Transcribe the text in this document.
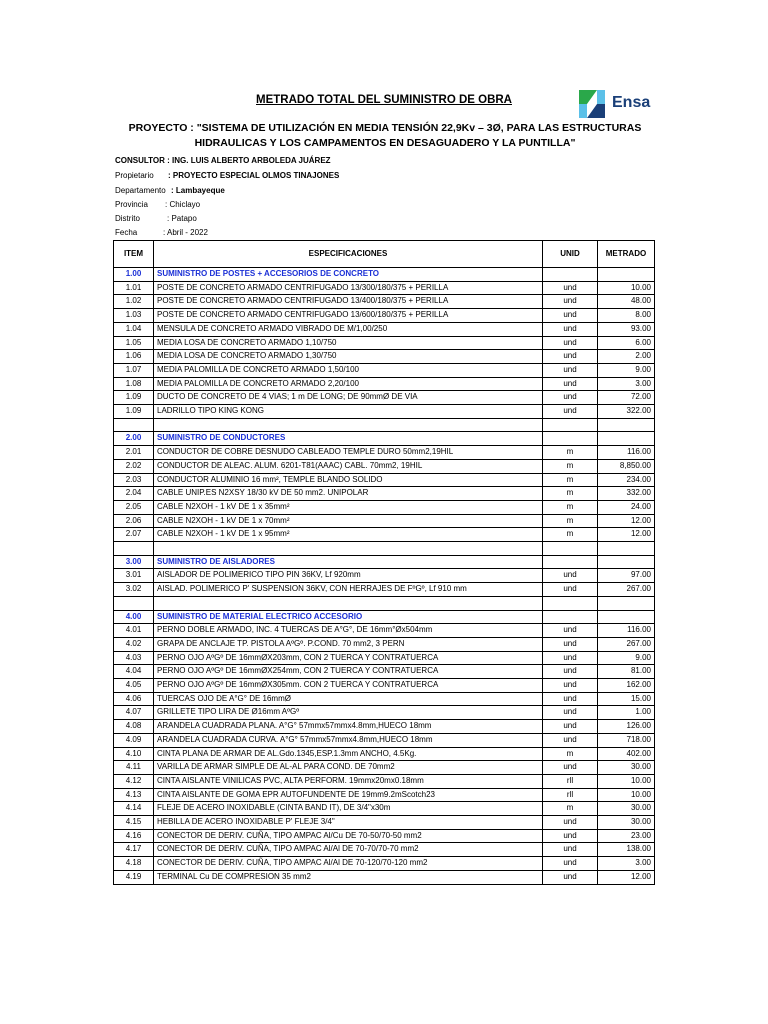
METRADO TOTAL DEL SUMINISTRO DE OBRA	Ensa
PROYECTO : "SISTEMA DE UTILIZACIÓN EN MEDIA TENSIÓN 22,9Kv – 3Ø, PARA LAS ESTRUCTURAS HIDRAULICAS Y LOS CAMPAMENTOS EN DESAGUADERO Y LA PUNTILLA"
CONSULTOR : ING. LUIS ALBERTO ARBOLEDA JUÁREZ
Propietario : PROYECTO ESPECIAL OLMOS TINAJONES
Departamento : Lambayeque
Provincia : Chiclayo
Distrito	: Patapo
Fecha	: Abril - 2022
ITEM	ESPECIFICACIONES	UNID	METRADO
1.00	SUMINISTRO DE POSTES + ACCESORIOS DE CONCRETO		
1.01	POSTE DE CONCRETO ARMADO CENTRIFUGADO 13/300/180/375 + PERILLA	und	10.00
1.02	POSTE DE CONCRETO ARMADO CENTRIFUGADO 13/400/180/375 + PERILLA	und	48.00
1.03	POSTE DE CONCRETO ARMADO CENTRIFUGADO 13/600/180/375 + PERILLA	und	8.00
1.04	MENSULA DE CONCRETO ARMADO VIBRADO DE M/1,00/250	und	93.00
1.05	MEDIA LOSA DE CONCRETO ARMADO 1,10/750	und	6.00
1.06	MEDIA LOSA DE CONCRETO ARMADO 1,30/750	und	2.00
1.07	MEDIA PALOMILLA DE CONCRETO ARMADO 1,50/100	und	9.00
1.08	MEDIA PALOMILLA DE CONCRETO ARMADO 2,20/100	und	3.00
1.09	DUCTO DE CONCRETO DE 4 VIAS; 1 m DE LONG; DE 90mmØ DE VIA	und	72.00
1.09	LADRILLO TIPO KING KONG	und	322.00

2.00	SUMINISTRO DE CONDUCTORES		
2.01	CONDUCTOR DE COBRE DESNUDO CABLEADO TEMPLE DURO 50mm2,19HIL	m	116.00
2.02	CONDUCTOR DE ALEAC. ALUM. 6201-T81(AAAC) CABL. 70mm2, 19HIL	m	8,850.00
2.03	CONDUCTOR ALUMINIO 16 mm², TEMPLE BLANDO SOLIDO	m	234.00
2.04	CABLE UNIP.ES N2XSY 18/30 kV DE 50 mm2. UNIPOLAR	m	332.00
2.05	CABLE N2XOH - 1 kV DE 1 x 35mm²	m	24.00
2.06	CABLE N2XOH - 1 kV DE 1 x 70mm²	m	12.00
2.07	CABLE N2XOH - 1 kV DE 1 x 95mm²	m	12.00

3.00	SUMINISTRO DE AISLADORES		
3.01	AISLADOR DE POLIMERICO TIPO PIN 36KV, Lf 920mm	und	97.00
3.02	AISLAD. POLIMERICO P' SUSPENSION 36KV, CON HERRAJES DE FºGº, Lf 910 mm	und	267.00

4.00	SUMINISTRO DE MATERIAL ELECTRICO ACCESORIO		
4.01	PERNO DOBLE ARMADO, INC. 4 TUERCAS DE A°G°, DE 16mm°Øx504mm	und	116.00
4.02	GRAPA DE ANCLAJE TP. PISTOLA AºGº. P.COND. 70 mm2, 3 PERN	und	267.00
4.03	PERNO OJO AºGº DE 16mmØX203mm, CON 2 TUERCA Y CONTRATUERCA	und	9.00
4.04	PERNO OJO AºGº DE 16mmØX254mm, CON 2 TUERCA Y CONTRATUERCA	und	81.00
4.05	PERNO OJO AºGº DE 16mmØX305mm. CON 2 TUERCA Y CONTRATUERCA	und	162.00
4.06	TUERCAS OJO DE A°G° DE 16mmØ	und	15.00
4.07	GRILLETE TIPO LIRA DE Ø16mm AºGº	und	1.00
4.08	ARANDELA CUADRADA PLANA. A°G° 57mmx57mmx4.8mm,HUECO 18mm	und	126.00
4.09	ARANDELA CUADRADA CURVA. A°G° 57mmx57mmx4.8mm,HUECO 18mm	und	718.00
4.10	CINTA PLANA DE ARMAR DE AL.Gdo.1345,ESP.1.3mm ANCHO, 4.5Kg.	m	402.00
4.11	VARILLA DE ARMAR SIMPLE DE AL-AL PARA COND. DE 70mm2	und	30.00
4.12	CINTA AISLANTE VINILICAS PVC, ALTA PERFORM. 19mmx20mx0.18mm	rll	10.00
4.13	CINTA AISLANTE DE GOMA EPR AUTOFUNDENTE DE 19mm9.2mScotch23	rll	10.00
4.14	FLEJE DE ACERO INOXIDABLE (CINTA BAND IT), DE 3/4"x30m	m	30.00
4.15	HEBILLA DE ACERO INOXIDABLE P' FLEJE 3/4"	und	30.00
4.16	CONECTOR DE DERIV. CUÑA, TIPO AMPAC Al/Cu DE 70-50/70-50 mm2	und	23.00
4.17	CONECTOR DE DERIV. CUÑA, TIPO AMPAC Al/Al DE 70-70/70-70 mm2	und	138.00
4.18	CONECTOR DE DERIV. CUÑA, TIPO AMPAC Al/Al DE 70-120/70-120 mm2	und	3.00
4.19	TERMINAL Cu DE COMPRESION 35 mm2	und	12.00
